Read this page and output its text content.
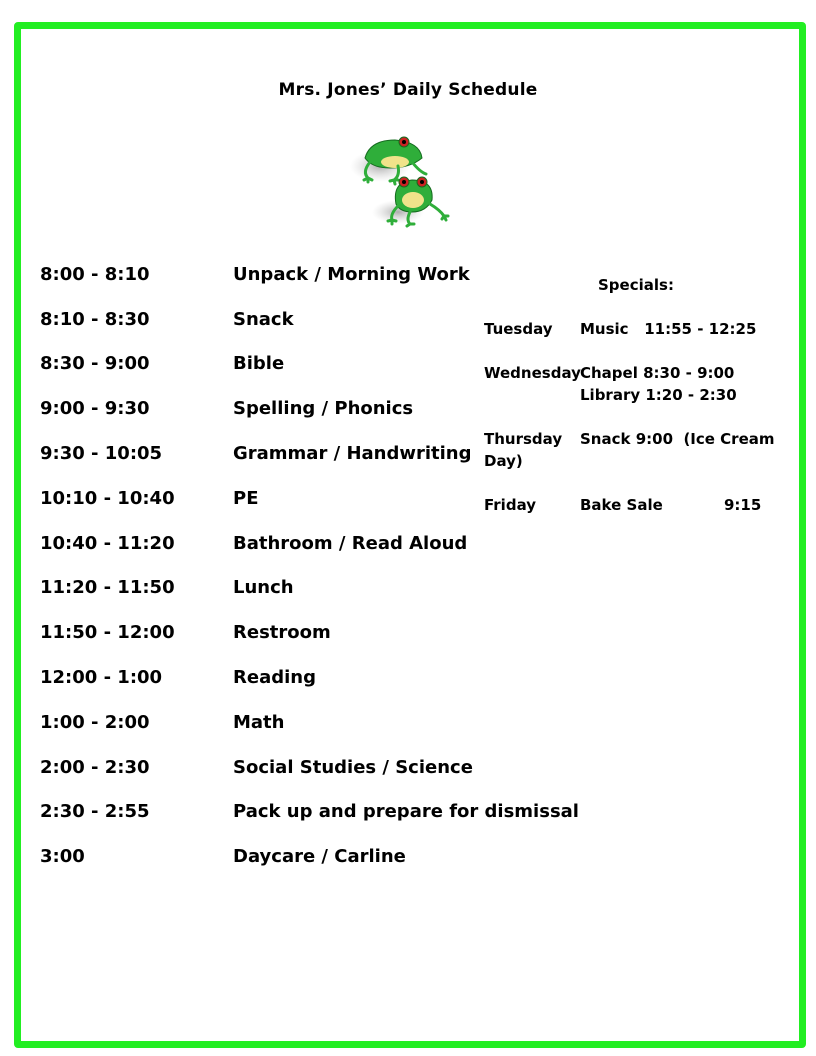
Mrs. Jones’ Daily Schedule
8:00 - 8:10	Unpack / Morning Work
8:10 - 8:30	Snack
8:30 - 9:00	Bible
9:00 - 9:30	Spelling / Phonics
9:30 - 10:05	Grammar / Handwriting
10:10 - 10:40	PE
10:40 - 11:20	Bathroom / Read Aloud
11:20 - 11:50	Lunch
11:50 - 12:00	Restroom
12:00 - 1:00	Reading
1:00 - 2:00	Math
2:00 - 2:30	Social Studies / Science
2:30 - 2:55	Pack up and prepare for dismissal
3:00	Daycare / Carline
Specials:
Tuesday Music   11:55 - 12:25
Wednesday Chapel 8:30 - 9:00
Library 1:20 - 2:30
Thursday Snack 9:00  (Ice Cream
Day)
Friday	Bake Sale	9:15
